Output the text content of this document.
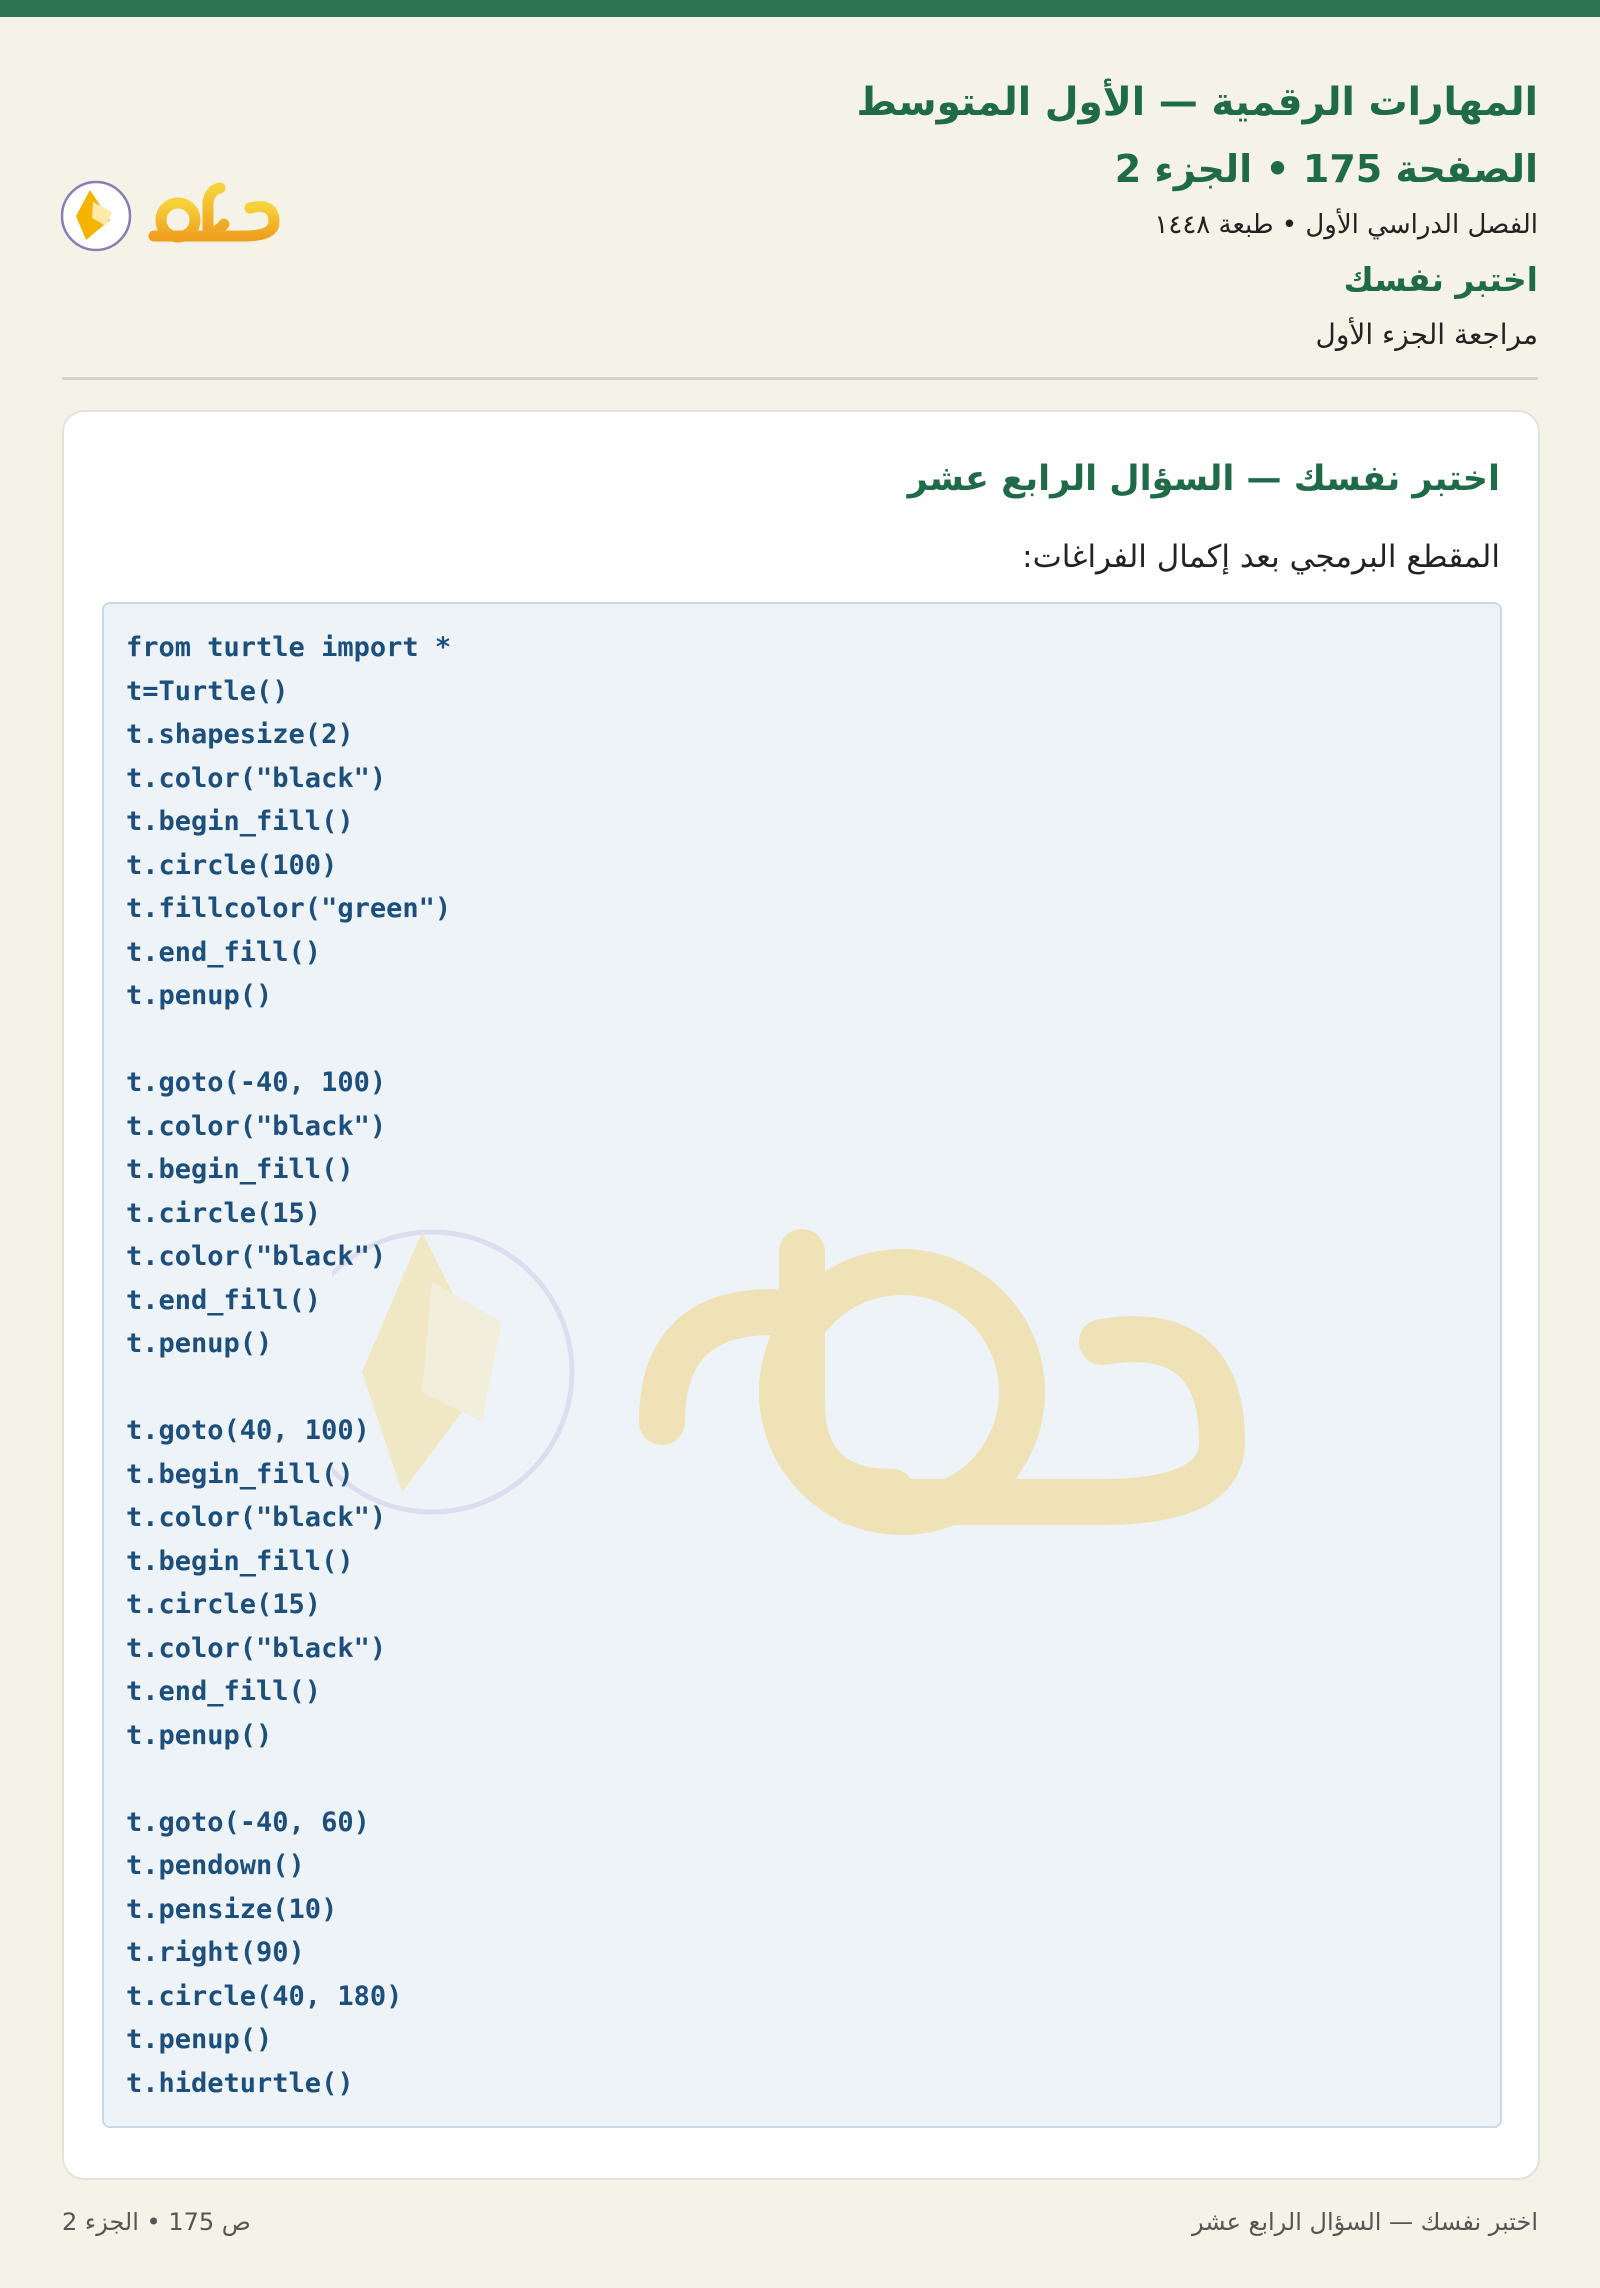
المهارات الرقمية — الأول المتوسط
الصفحة 175 • الجزء 2
الفصل الدراسي الأول • طبعة ١٤٤٨
اختبر نفسك
مراجعة الجزء الأول
اختبر نفسك — السؤال الرابع عشر
المقطع البرمجي بعد إكمال الفراغات:
from turtle import *
t=Turtle()
t.shapesize(2)
t.color("black")
t.begin_fill()
t.circle(100)
t.fillcolor("green")
t.end_fill()
t.penup()

t.goto(-40, 100)
t.color("black")
t.begin_fill()
t.circle(15)
t.color("black")
t.end_fill()
t.penup()

t.goto(40, 100)
t.begin_fill()
t.color("black")
t.begin_fill()
t.circle(15)
t.color("black")
t.end_fill()
t.penup()

t.goto(-40, 60)
t.pendown()
t.pensize(10)
t.right(90)
t.circle(40, 180)
t.penup()
t.hideturtle()
اختبر نفسك — السؤال الرابع عشر
ص 175 • الجزء 2
